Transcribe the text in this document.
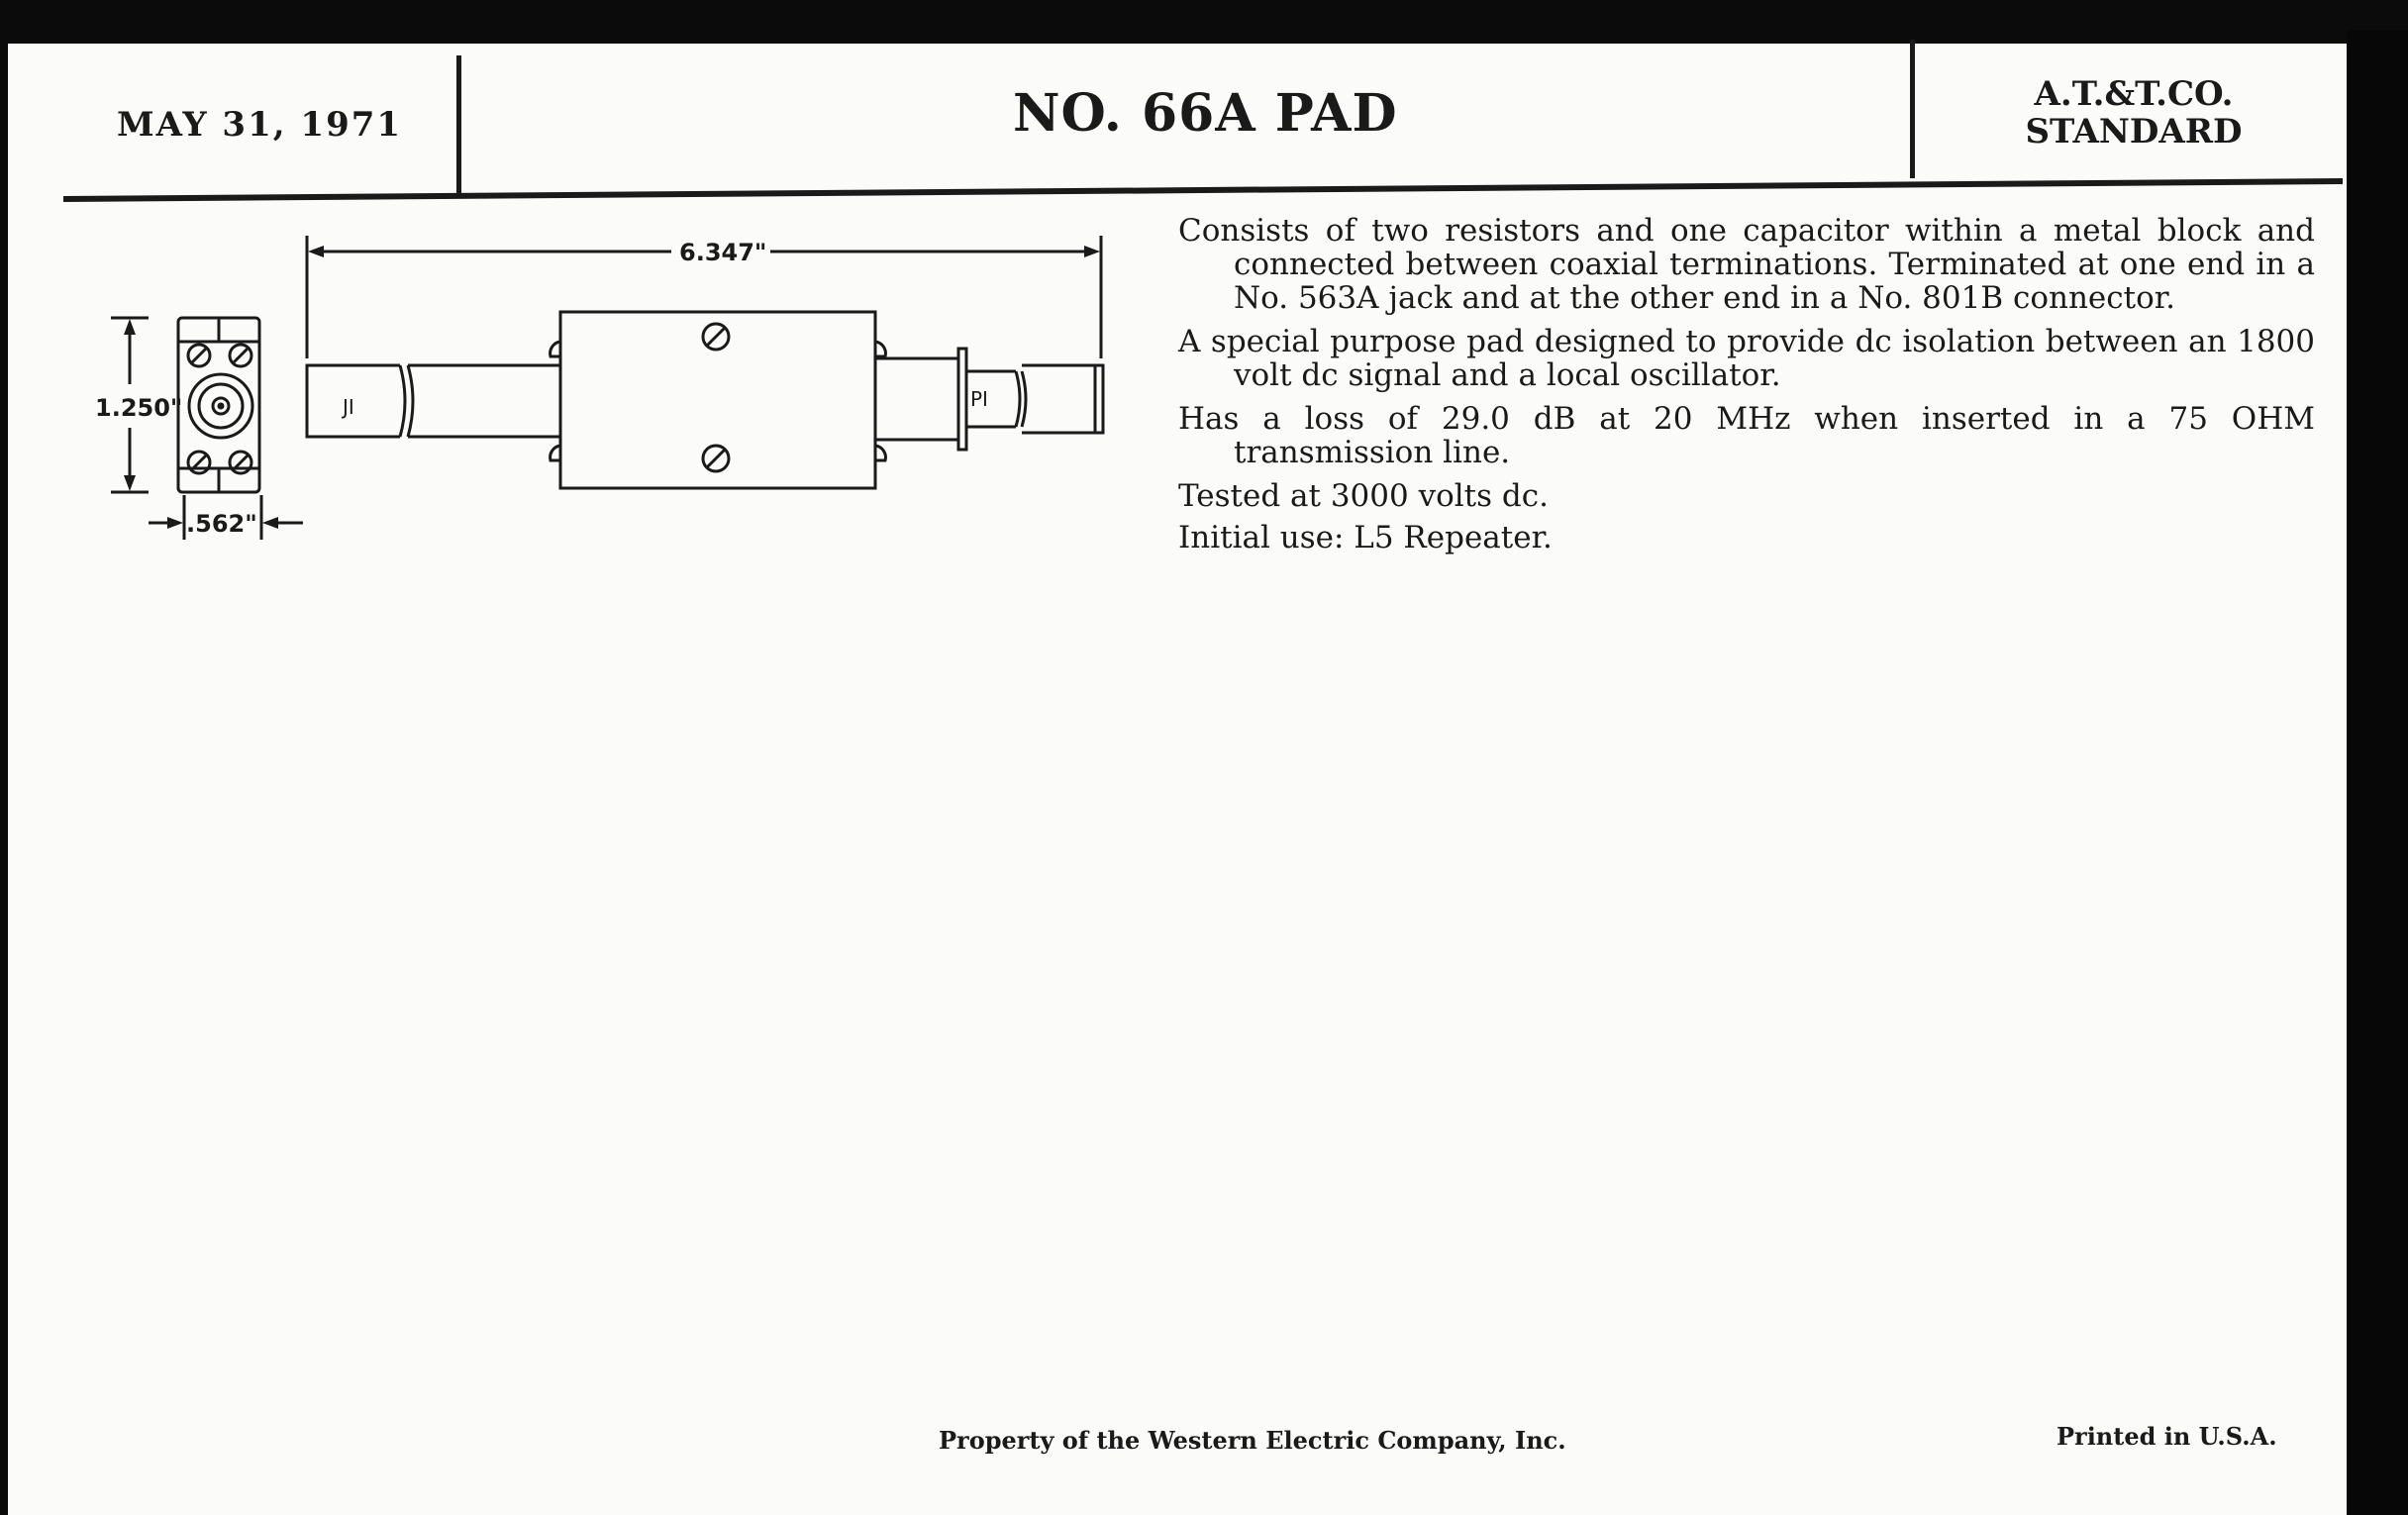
MAY 31, 1971	NO. 66A PAD	A.T.&T.CO.
STANDARD
6.347"
1.250"
.562"
JI	PI

Consists of two resistors and one capacitor within a metal block and connected between coaxial terminations. Terminated at one end in a No. 563A jack and at the other end in a No. 801B connector.

A special purpose pad designed to provide dc isolation between an 1800 volt dc signal and a local oscillator.

Has a loss of 29.0 dB at 20 MHz when inserted in a 75 OHM transmission line.

Tested at 3000 volts dc.

Initial use: L5 Repeater.

Property of the Western Electric Company, Inc.	Printed in U.S.A.
